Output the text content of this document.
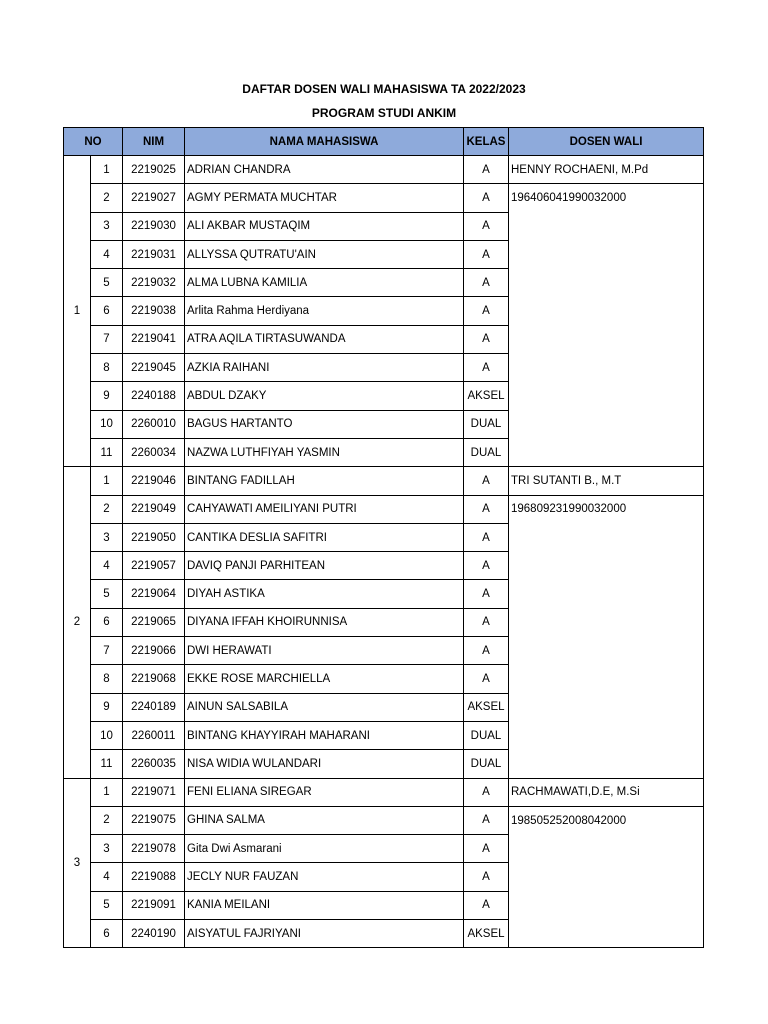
DAFTAR DOSEN WALI MAHASISWA TA 2022/2023
PROGRAM STUDI ANKIM
NO		NIM	NAMA MAHASISWA	KELAS	DOSEN WALI
1	1	2219025	ADRIAN CHANDRA	A	HENNY ROCHAENI, M.Pd
	2	2219027	AGMY PERMATA MUCHTAR	A	196406041990032000
	3	2219030	ALI AKBAR MUSTAQIM	A	
	4	2219031	ALLYSSA QUTRATU'AIN	A	
	5	2219032	ALMA LUBNA KAMILIA	A	
	6	2219038	Arlita Rahma Herdiyana	A	
	7	2219041	ATRA AQILA TIRTASUWANDA	A	
	8	2219045	AZKIA RAIHANI	A	
	9	2240188	ABDUL DZAKY	AKSEL	
	10	2260010	BAGUS HARTANTO	DUAL	
	11	2260034	NAZWA LUTHFIYAH YASMIN	DUAL	
2	1	2219046	BINTANG FADILLAH	A	TRI SUTANTI B., M.T
	2	2219049	CAHYAWATI AMEILIYANI PUTRI	A	196809231990032000
	3	2219050	CANTIKA DESLIA SAFITRI	A	
	4	2219057	DAVIQ PANJI PARHITEAN	A	
	5	2219064	DIYAH ASTIKA	A	
	6	2219065	DIYANA IFFAH KHOIRUNNISA	A	
	7	2219066	DWI HERAWATI	A	
	8	2219068	EKKE ROSE MARCHIELLA	A	
	9	2240189	AINUN SALSABILA	AKSEL	
	10	2260011	BINTANG KHAYYIRAH MAHARANI	DUAL	
	11	2260035	NISA WIDIA WULANDARI	DUAL	
3	1	2219071	FENI ELIANA SIREGAR	A	RACHMAWATI,D.E, M.Si
	2	2219075	GHINA SALMA	A	198505252008042000
	3	2219078	Gita Dwi Asmarani	A	
	4	2219088	JECLY NUR FAUZAN	A	
	5	2219091	KANIA MEILANI	A	
	6	2240190	AISYATUL FAJRIYANI	AKSEL	
